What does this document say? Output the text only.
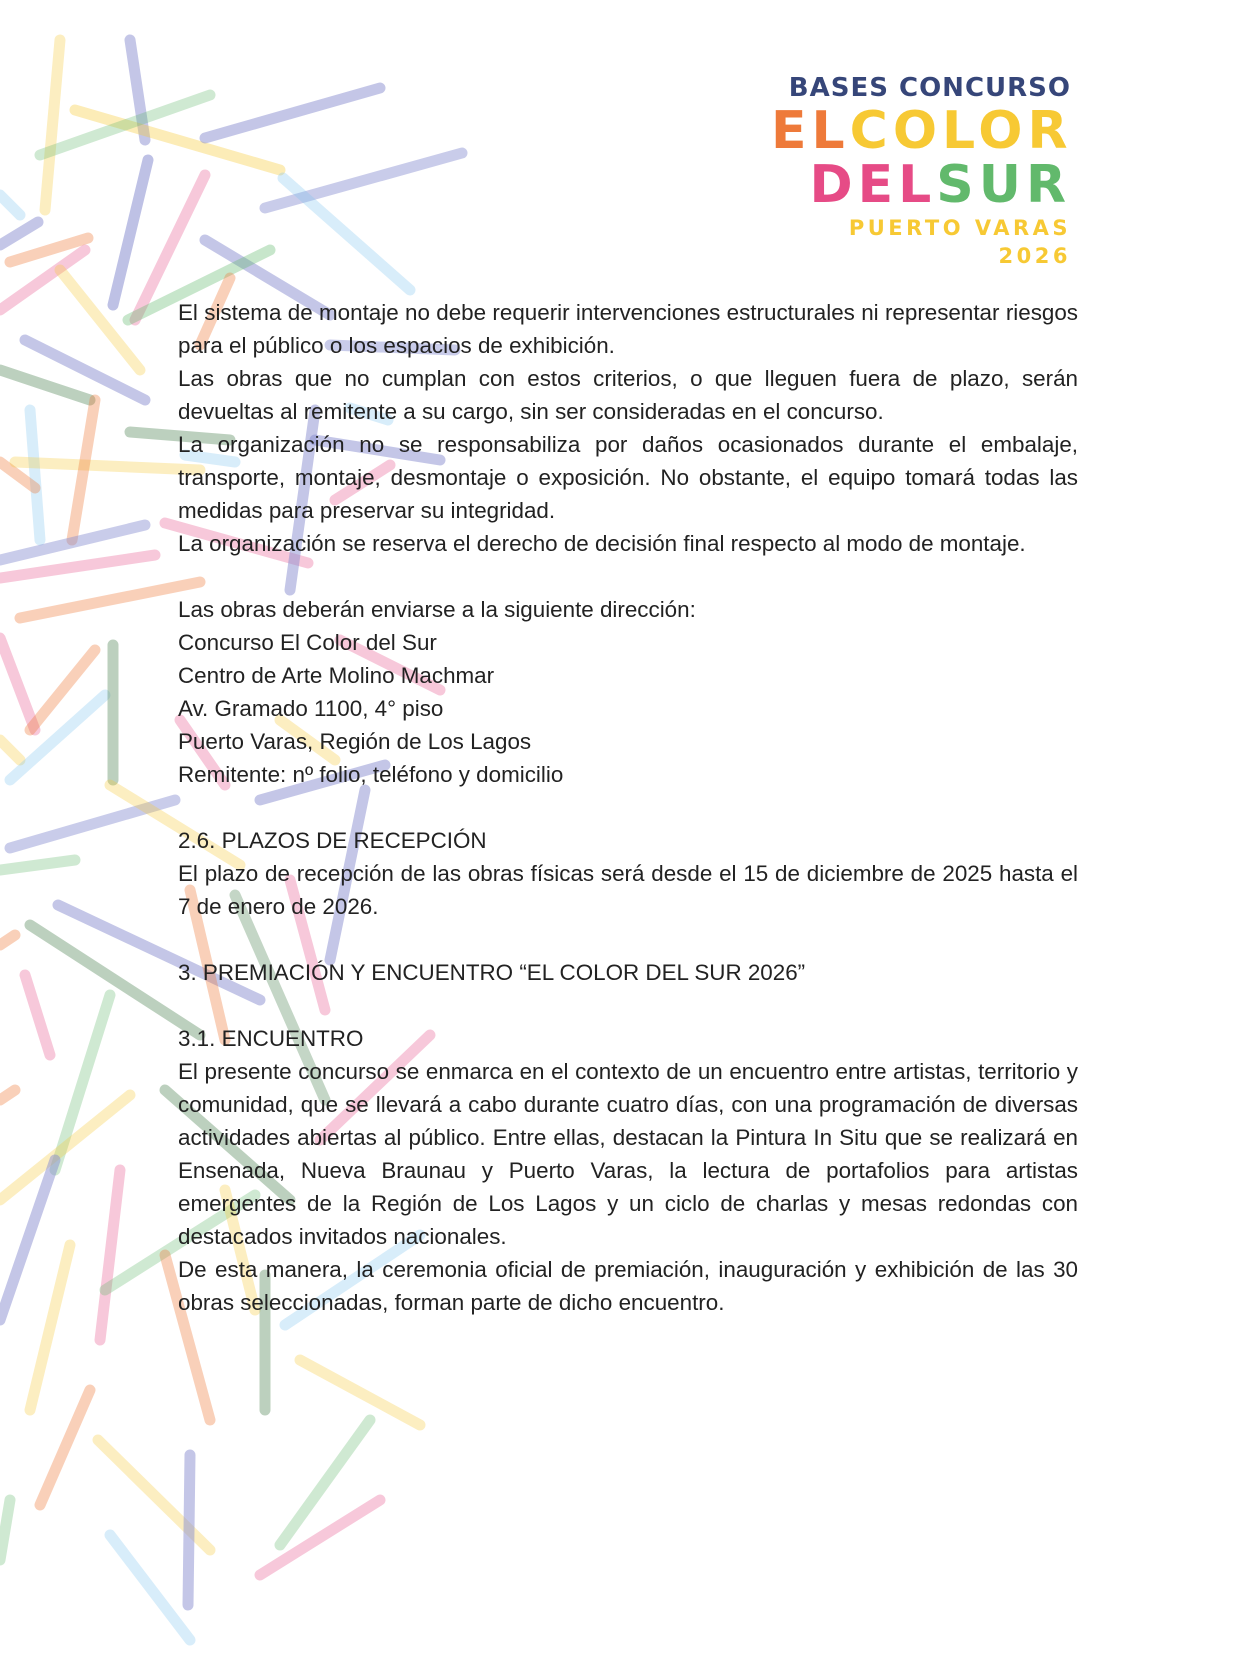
BASES CONCURSO
ELCOLOR
DELSUR
PUERTO VARAS 2026

El sistema de montaje no debe requerir intervenciones estructurales ni representar riesgos para el público o los espacios de exhibición.

Las obras que no cumplan con estos criterios, o que lleguen fuera de plazo, serán devueltas al remitente a su cargo, sin ser consideradas en el concurso.

La organización no se responsabiliza por daños ocasionados durante el embalaje, transporte, montaje, desmontaje o exposición. No obstante, el equipo tomará todas las medidas para preservar su integridad.

La organización se reserva el derecho de decisión final respecto al modo de montaje.

Las obras deberán enviarse a la siguiente dirección:

Concurso El Color del Sur

Centro de Arte Molino Machmar

Av. Gramado 1100, 4° piso

Puerto Varas, Región de Los Lagos

Remitente: nº folio, teléfono y domicilio

2.6. PLAZOS DE RECEPCIÓN

El plazo de recepción de las obras físicas será desde el 15 de diciembre de 2025 hasta el 7 de enero de 2026.

3. PREMIACIÓN Y ENCUENTRO “EL COLOR DEL SUR 2026”

3.1. ENCUENTRO

El presente concurso se enmarca en el contexto de un encuentro entre artistas, territorio y comunidad, que se llevará a cabo durante cuatro días, con una programación de diversas actividades abiertas al público. Entre ellas, destacan la Pintura In Situ que se realizará en Ensenada, Nueva Braunau y Puerto Varas, la lectura de portafolios para artistas emergentes de la Región de Los Lagos y un ciclo de charlas y mesas redondas con destacados invitados nacionales.

De esta manera, la ceremonia oficial de premiación, inauguración y exhibición de las 30 obras seleccionadas, forman parte de dicho encuentro.
